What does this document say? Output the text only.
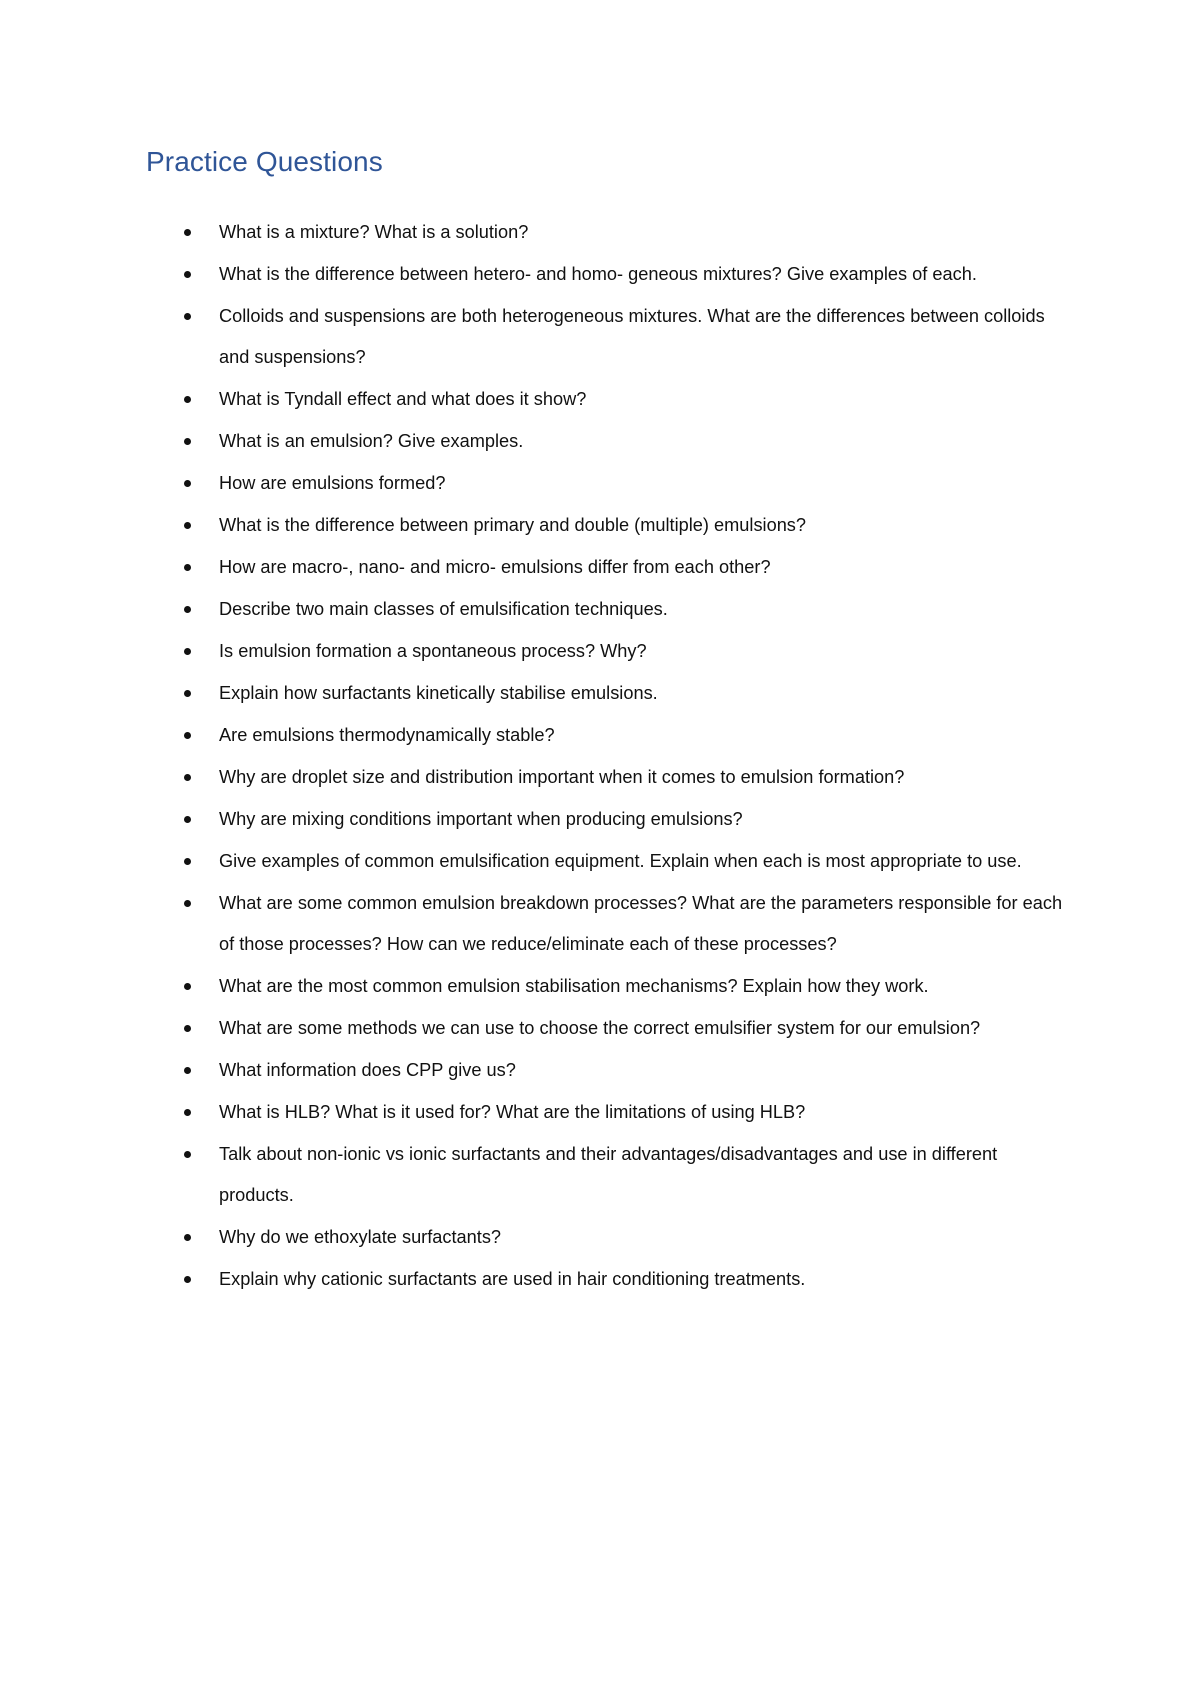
Practice Questions
What is a mixture? What is a solution?
What is the difference between hetero- and homo- geneous mixtures? Give examples of each.
Colloids and suspensions are both heterogeneous mixtures. What are the differences between colloids and suspensions?
What is Tyndall effect and what does it show?
What is an emulsion? Give examples.
How are emulsions formed?
What is the difference between primary and double (multiple) emulsions?
How are macro-, nano- and micro- emulsions differ from each other?
Describe two main classes of emulsification techniques.
Is emulsion formation a spontaneous process? Why?
Explain how surfactants kinetically stabilise emulsions.
Are emulsions thermodynamically stable?
Why are droplet size and distribution important when it comes to emulsion formation?
Why are mixing conditions important when producing emulsions?
Give examples of common emulsification equipment. Explain when each is most appropriate to use.
What are some common emulsion breakdown processes? What are the parameters responsible for each of those processes? How can we reduce/eliminate each of these processes?
What are the most common emulsion stabilisation mechanisms? Explain how they work.
What are some methods we can use to choose the correct emulsifier system for our emulsion?
What information does CPP give us?
What is HLB? What is it used for? What are the limitations of using HLB?
Talk about non-ionic vs ionic surfactants and their advantages/disadvantages and use in different products.
Why do we ethoxylate surfactants?
Explain why cationic surfactants are used in hair conditioning treatments.
